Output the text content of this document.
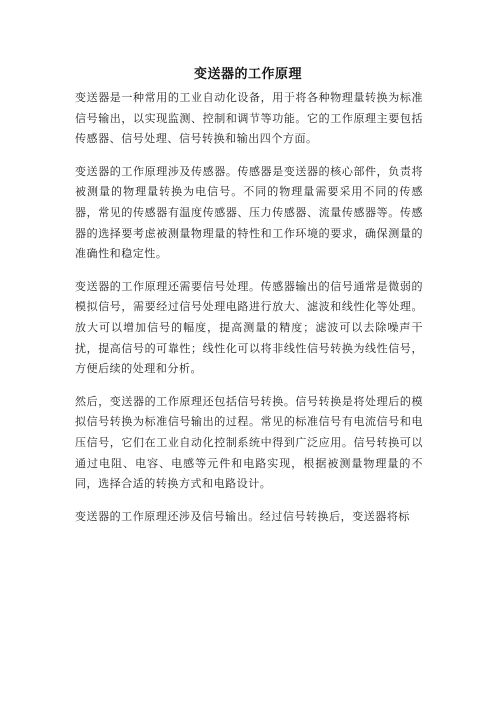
变送器的工作原理

变送器是一种常用的工业自动化设备，用于将各种物理量转换为标准信号输出，以实现监测、控制和调节等功能。它的工作原理主要包括传感器、信号处理、信号转换和输出四个方面。

变送器的工作原理涉及传感器。传感器是变送器的核心部件，负责将被测量的物理量转换为电信号。不同的物理量需要采用不同的传感器，常见的传感器有温度传感器、压力传感器、流量传感器等。传感器的选择要考虑被测量物理量的特性和工作环境的要求，确保测量的准确性和稳定性。

变送器的工作原理还需要信号处理。传感器输出的信号通常是微弱的模拟信号，需要经过信号处理电路进行放大、滤波和线性化等处理。放大可以增加信号的幅度，提高测量的精度；滤波可以去除噪声干扰，提高信号的可靠性；线性化可以将非线性信号转换为线性信号，方便后续的处理和分析。

然后，变送器的工作原理还包括信号转换。信号转换是将处理后的模拟信号转换为标准信号输出的过程。常见的标准信号有电流信号和电压信号，它们在工业自动化控制系统中得到广泛应用。信号转换可以通过电阻、电容、电感等元件和电路实现，根据被测量物理量的不同，选择合适的转换方式和电路设计。

变送器的工作原理还涉及信号输出。经过信号转换后，变送器将标
